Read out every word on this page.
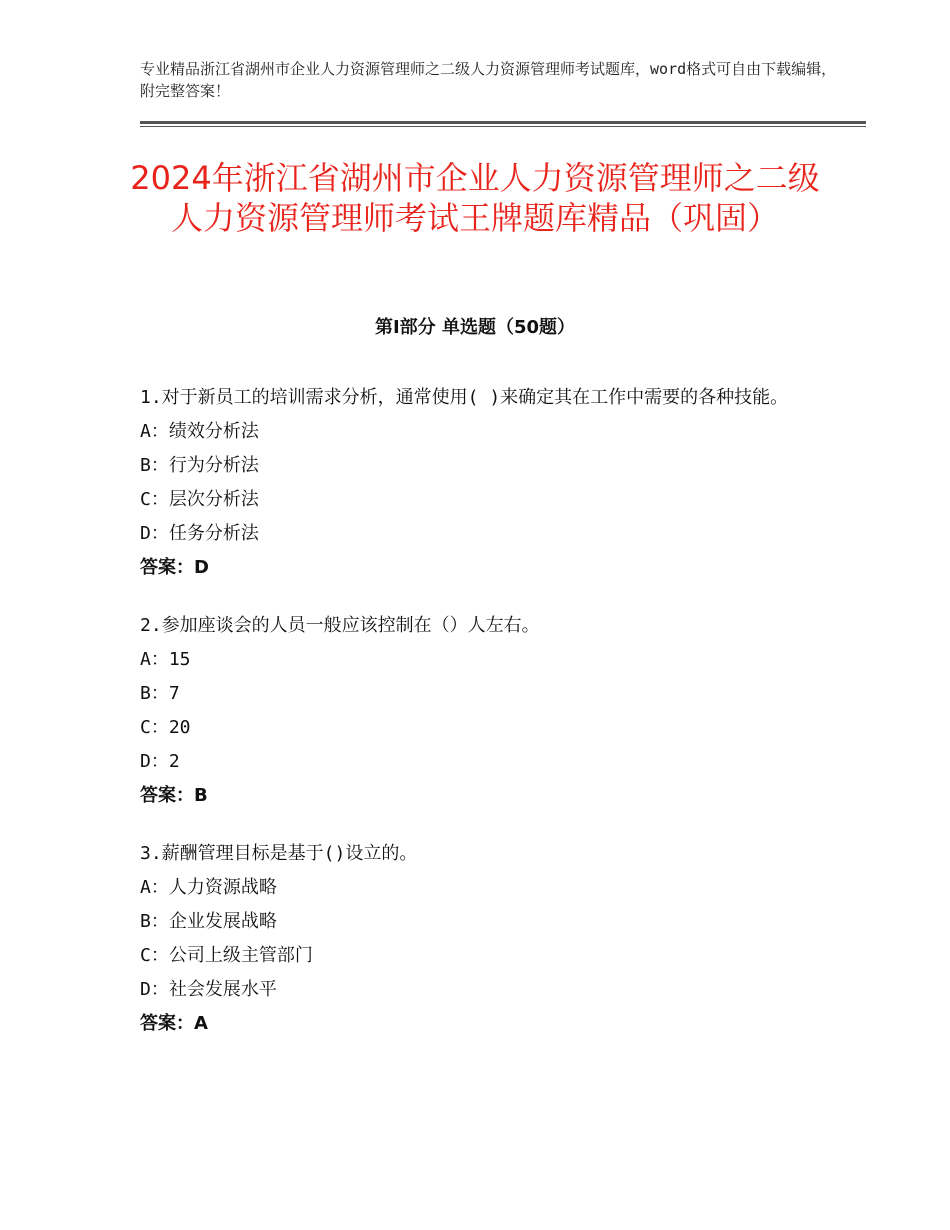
专业精品浙江省湖州市企业人力资源管理师之二级人力资源管理师考试题库，word格式可自由下载编辑，附完整答案！
2024年浙江省湖州市企业人力资源管理师之二级人力资源管理师考试王牌题库精品（巩固）
第Ⅰ部分 单选题（50题）
1.对于新员工的培训需求分析，通常使用( )来确定其在工作中需要的各种技能。
A：绩效分析法
B：行为分析法
C：层次分析法
D：任务分析法
答案：D
2.参加座谈会的人员一般应该控制在（）人左右。
A：15
B：7
C：20
D：2
答案：B
3.薪酬管理目标是基于()设立的。
A：人力资源战略
B：企业发展战略
C：公司上级主管部门
D：社会发展水平
答案：A
